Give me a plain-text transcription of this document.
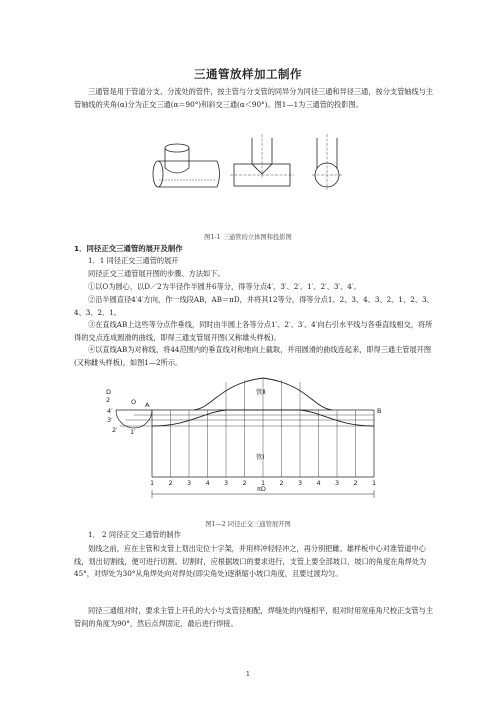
三通管放样加工制作

三通管是用于管道分支、分流处的管件，按主管与分支管的同异分为同径三通和异径三通，按分支管轴线与主管轴线的夹角(α)分为正交三通(α＝90°)和斜交三通(α＜90°)。图1—1为三通管的投影图。

图1-1 三通管的立体图和投影图
1．同径正交三通管的展开及制作
1．1 同径正交三通管的展开

同径正交三通管展开图的步骤、方法如下。

①以O为圆心，以D／2为半径作半圆并6等分，得等分点4′、3′、2′、1′、2′、3′、4′。

②沿半圆直径4′4′方向，作一线段AB，AB＝πD，并将其12等分，得等分点1、2、3、4、3、2、1、2、3、4、3、2、1。

③在直线AB上这些等分点作垂线，同时由半圆上各等分点1′、2′、3′、4′向右引水平线与各垂直线相交，将所得的交点连成圆滑的曲线，即得三通支管展开图(又称雄头样板)。

④以直线AB为对称线，将44范围内的垂直线对称地向上截取，并用圆滑的曲线连起来，即得三通主管展开图(又称雌头样板)，如图1—2所示。

D
2	O
4′
3′
2′ 1′
A
B
管Ⅱ
管Ⅰ
πD
1 2 3 4 3 2 1 2 3 4 3 2 1
图1—2 同径正交三通管展开图
1． 2 同径正交三通管的制作

划线之前，应在主管和支管上划出定位十字架，并用样冲轻轻冲之，再分别把雌、雄样板中心对准管道中心线，划出切割线，便可进行切割。切割时，应根据坡口的要求进行，支管上要全部坡口，坡口的角度在角焊处为45°，对焊处为30°从角焊处向对焊处(即尖角处)逐渐缩小坡口角度，且要过渡均匀。

同径三通组对时，要求主管上开孔的大小与支管径相配，焊缝处的内缝相平，组对时用宽座角尺校正支管与主管间的角度为90°，然后点焊固定，最后进行焊接。

1
